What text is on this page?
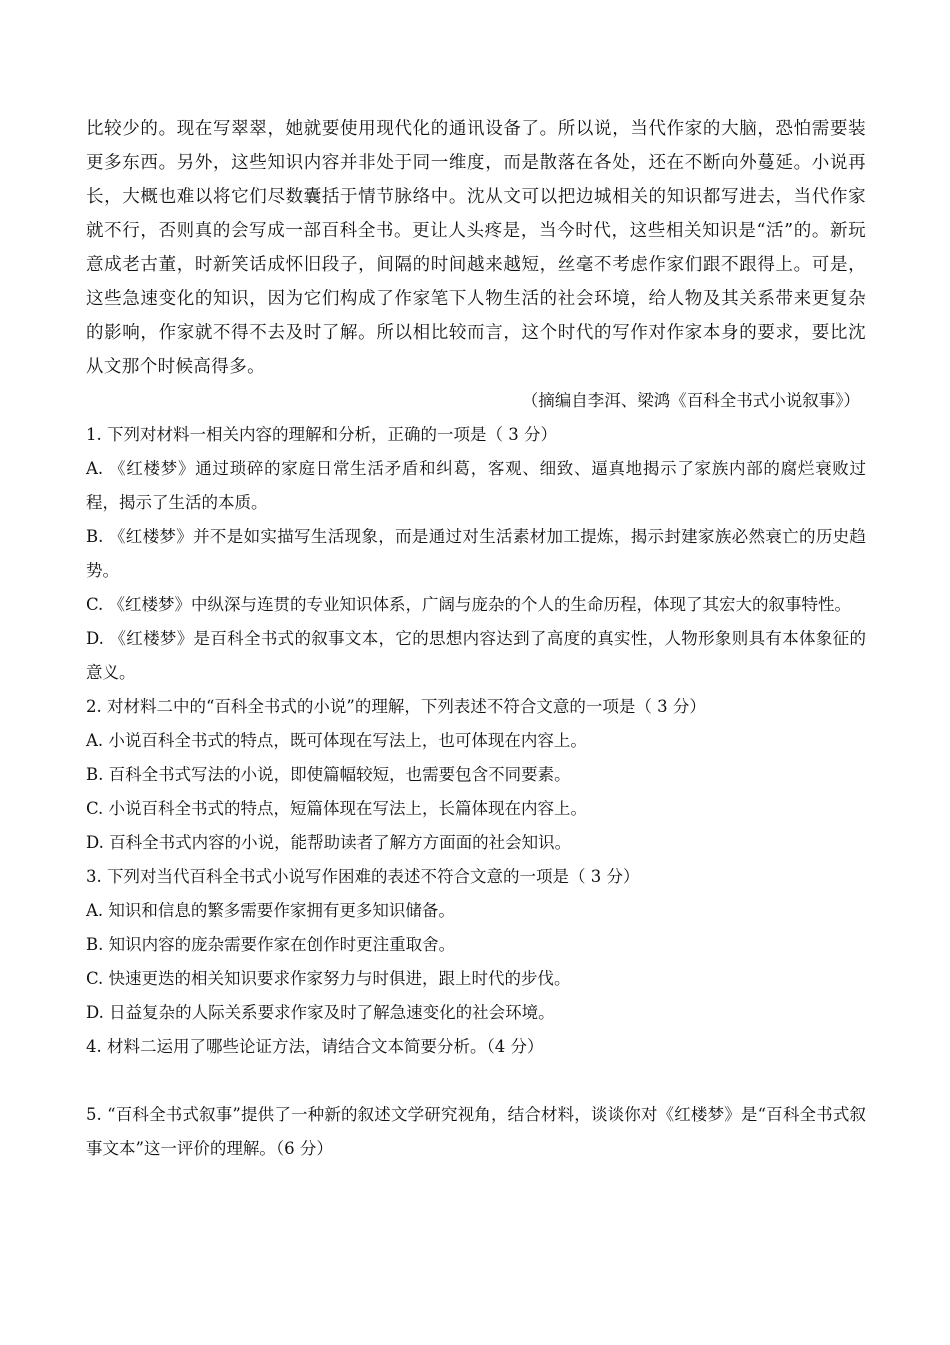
比较少的。现在写翠翠，她就要使用现代化的通讯设备了。所以说，当代作家的大脑，恐怕需要装更多东西。另外，这些知识内容并非处于同一维度，而是散落在各处，还在不断向外蔓延。小说再长，大概也难以将它们尽数囊括于情节脉络中。沈从文可以把边城相关的知识都写进去，当代作家就不行，否则真的会写成一部百科全书。更让人头疼是，当今时代，这些相关知识是“活”的。新玩意成老古董，时新笑话成怀旧段子，间隔的时间越来越短，丝毫不考虑作家们跟不跟得上。可是，这些急速变化的知识，因为它们构成了作家笔下人物生活的社会环境，给人物及其关系带来更复杂的影响，作家就不得不去及时了解。所以相比较而言，这个时代的写作对作家本身的要求，要比沈从文那个时候高得多。

（摘编自李洱、梁鸿《百科全书式小说叙事》）

1. 下列对材料一相关内容的理解和分析，正确的一项是（ 3 分）

A. 《红楼梦》通过琐碎的家庭日常生活矛盾和纠葛，客观、细致、逼真地揭示了家族内部的腐烂衰败过程，揭示了生活的本质。

B. 《红楼梦》并不是如实描写生活现象，而是通过对生活素材加工提炼，揭示封建家族必然衰亡的历史趋势。

C. 《红楼梦》中纵深与连贯的专业知识体系，广阔与庞杂的个人的生命历程，体现了其宏大的叙事特性。

D. 《红楼梦》是百科全书式的叙事文本，它的思想内容达到了高度的真实性，人物形象则具有本体象征的意义。

2. 对材料二中的“百科全书式的小说”的理解，下列表述不符合文意的一项是（ 3 分）

A. 小说百科全书式的特点，既可体现在写法上，也可体现在内容上。

B. 百科全书式写法的小说，即使篇幅较短，也需要包含不同要素。

C. 小说百科全书式的特点，短篇体现在写法上，长篇体现在内容上。

D. 百科全书式内容的小说，能帮助读者了解方方面面的社会知识。

3. 下列对当代百科全书式小说写作困难的表述不符合文意的一项是（ 3 分）

A. 知识和信息的繁多需要作家拥有更多知识储备。

B. 知识内容的庞杂需要作家在创作时更注重取舍。

C. 快速更迭的相关知识要求作家努力与时俱进，跟上时代的步伐。

D. 日益复杂的人际关系要求作家及时了解急速变化的社会环境。

4. 材料二运用了哪些论证方法，请结合文本简要分析。（4 分）

5. “百科全书式叙事”提供了一种新的叙述文学研究视角，结合材料，谈谈你对《红楼梦》是“百科全书式叙事文本”这一评价的理解。（6 分）
